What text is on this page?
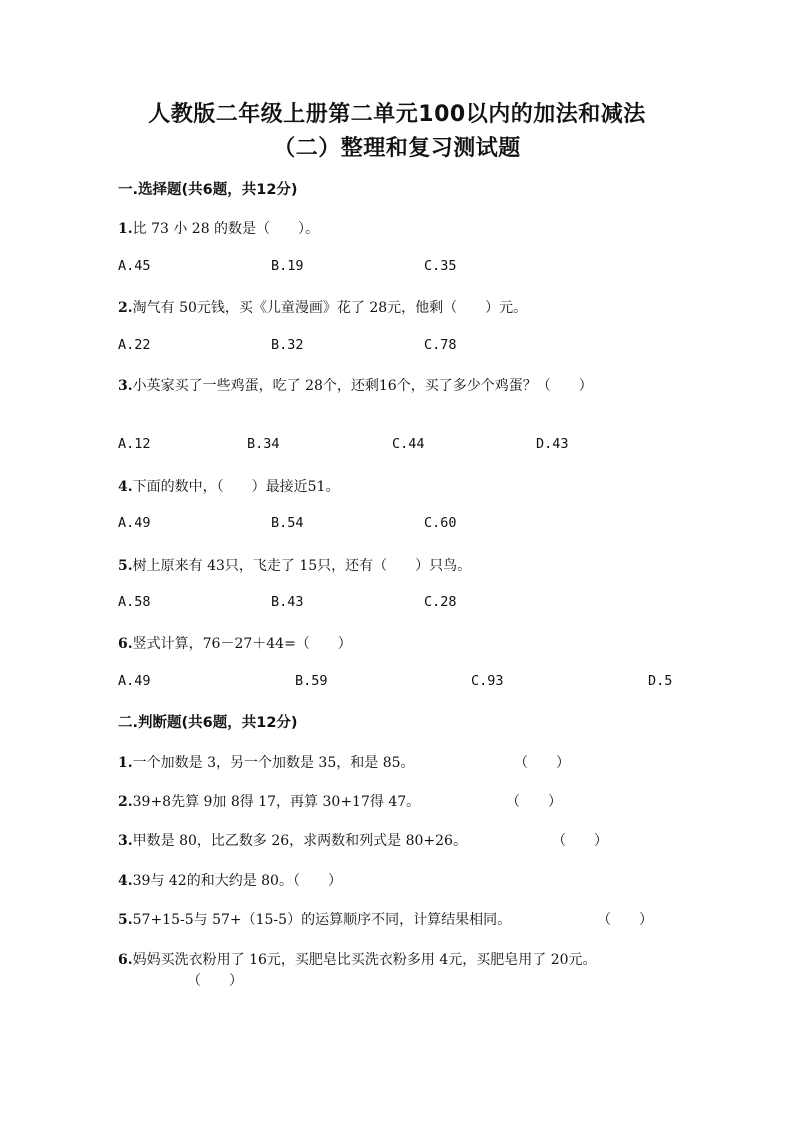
人教版二年级上册第二单元100以内的加法和减法
（二）整理和复习测试题
一.选择题(共6题，共12分)
1.比 73 小 28 的数是（　　）。
A.45	B.19	C.35
2.淘气有 50元钱，买《儿童漫画》花了 28元，他剩（　　）元。
A.22	B.32	C.78
3.小英家买了一些鸡蛋，吃了 28个，还剩16个，买了多少个鸡蛋？（　　）
A.12	B.34	C.44	D.43
4.下面的数中，（　　）最接近51。
A.49	B.54	C.60
5.树上原来有 43只，飞走了 15只，还有（　　）只鸟。
A.58	B.43	C.28
6.竖式计算，76－27＋44=（　　）
A.49	B.59	C.93	D.5
二.判断题(共6题，共12分)
1.一个加数是 3，另一个加数是 35，和是 85。	（　　）
2.39+8先算 9加 8得 17，再算 30+17得 47。	（　　）
3.甲数是 80，比乙数多 26，求两数和列式是 80+26。	（　　）
4.39与 42的和大约是 80。（　　）
5.57+15-5与 57+（15-5）的运算顺序不同，计算结果相同。	（　　）
6.妈妈买洗衣粉用了 16元，买肥皂比买洗衣粉多用 4元，买肥皂用了 20元。
（　　）
